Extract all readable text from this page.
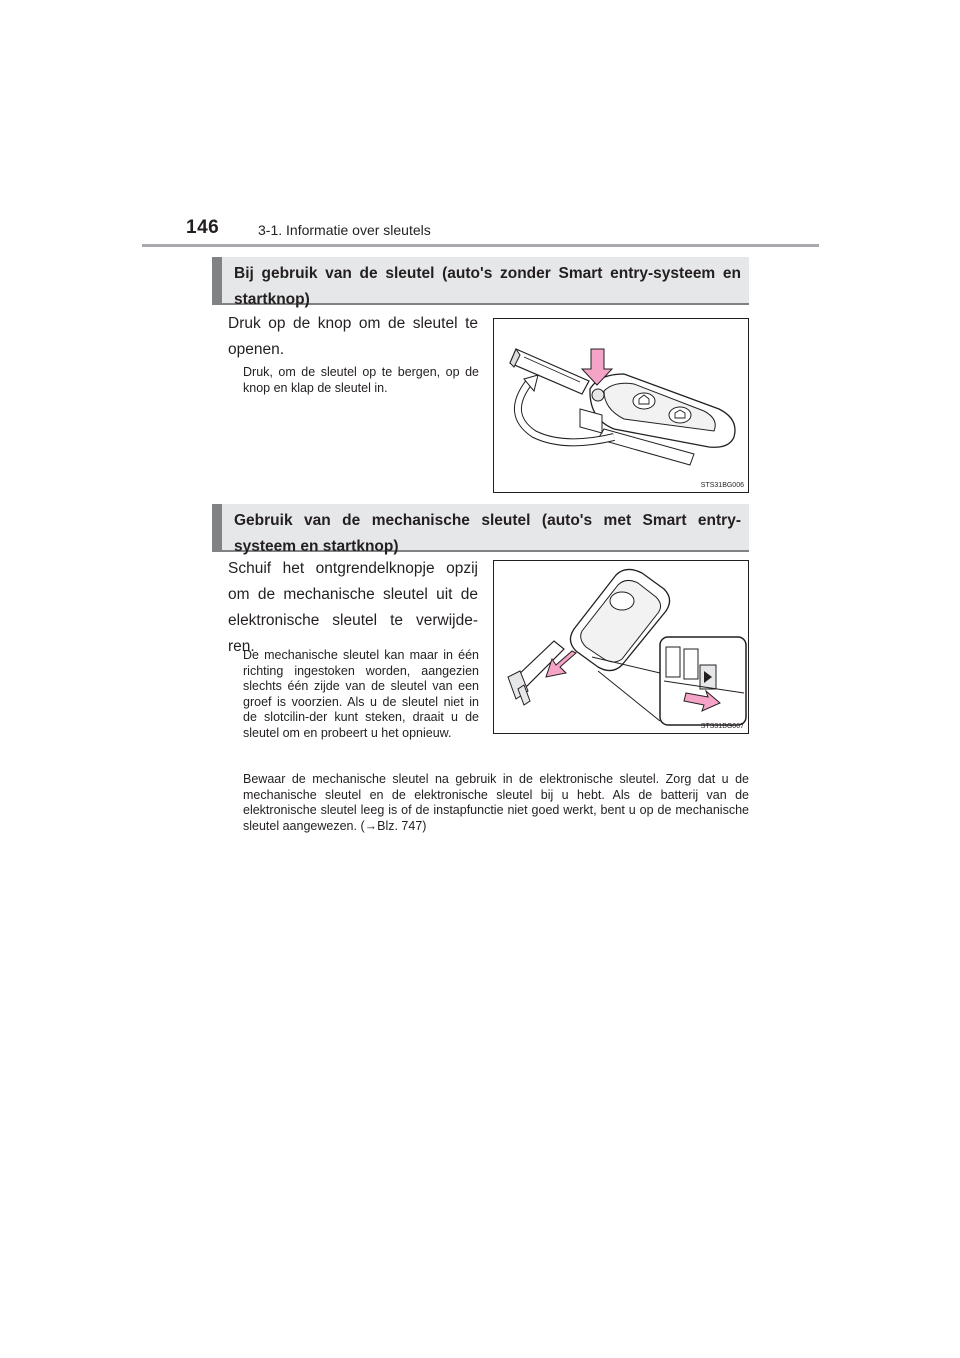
146	3-1. Informatie over sleutels
Bij gebruik van de sleutel (auto's zonder Smart entry-systeem en startknop)
Druk op de knop om de sleutel te openen.
Druk, om de sleutel op te bergen, op de knop en klap de sleutel in.
STS31BG006
Gebruik van de mechanische sleutel (auto's met Smart entry-systeem en startknop)
Schuif het ontgrendelknopje opzij om de mechanische sleutel uit de elektronische sleutel te verwijde-ren.
De mechanische sleutel kan maar in één richting ingestoken worden, aangezien slechts één zijde van de sleutel van een groef is voorzien. Als u de sleutel niet in de slotcilin-der kunt steken, draait u de sleutel om en probeert u het opnieuw.	STS31BG007
Bewaar de mechanische sleutel na gebruik in de elektronische sleutel. Zorg dat u de mechanische sleutel en de elektronische sleutel bij u hebt. Als de batterij van de elektronische sleutel leeg is of de instapfunctie niet goed werkt, bent u op de mechanische sleutel aangewezen. (→Blz. 747)
